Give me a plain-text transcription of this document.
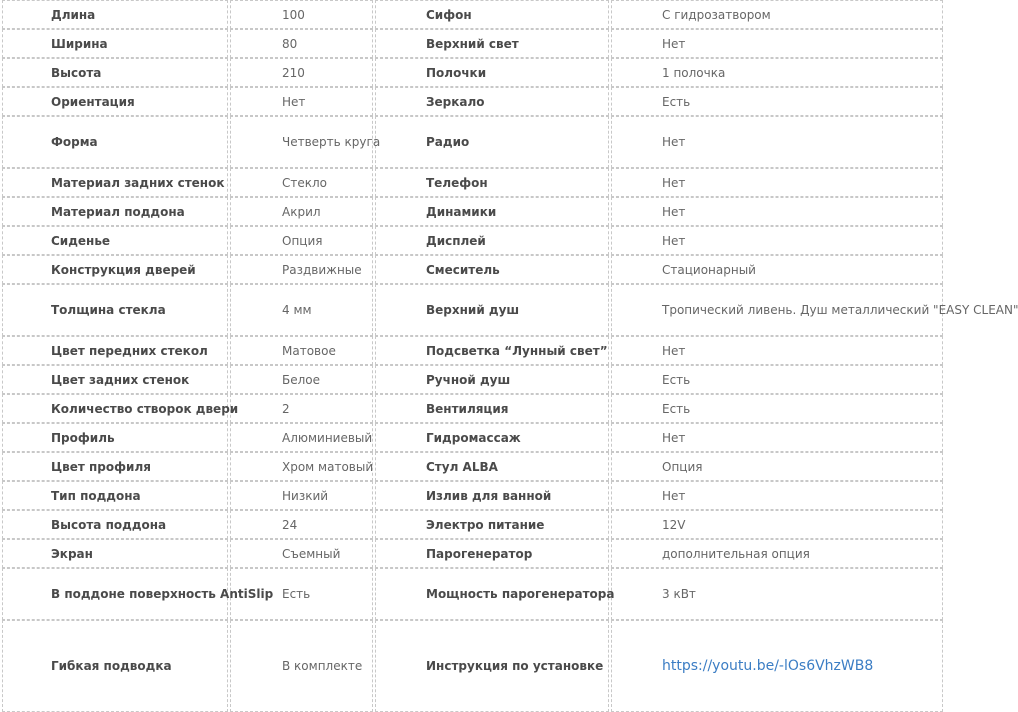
Длина	100	Сифон	С гидрозатвором
Ширина	80	Верхний свет	Нет
Высота	210	Полочки	1 полочка
Ориентация	Нет	Зеркало	Есть
Форма	Четверть круга	Радио	Нет
Материал задних стенок	Стекло	Телефон	Нет
Материал поддона	Акрил	Динамики	Нет
Сиденье	Опция	Дисплей	Нет
Конструкция дверей	Раздвижные	Смеситель	Стационарный
Толщина стекла	4 мм	Верхний душ	Тропический ливень. Душ металлический "EASY CLEAN"
Цвет передних стекол	Матовое	Подсветка “Лунный свет”	Нет
Цвет задних стенок	Белое	Ручной душ	Есть
Количество створок двери	2	Вентиляция	Есть
Профиль	Алюминиевый	Гидромассаж	Нет
Цвет профиля	Хром матовый	Стул ALBA	Опция
Тип поддона	Низкий	Излив для ванной	Нет
Высота поддона	24	Электро питание	12V
Экран	Съемный	Парогенератор	дополнительная опция
В поддоне поверхность AntiSlip	Есть	Мощность парогенератора	3 кВт
Гибкая подводка	В комплекте	Инструкция по установке	https://youtu.be/-lOs6VhzWB8
